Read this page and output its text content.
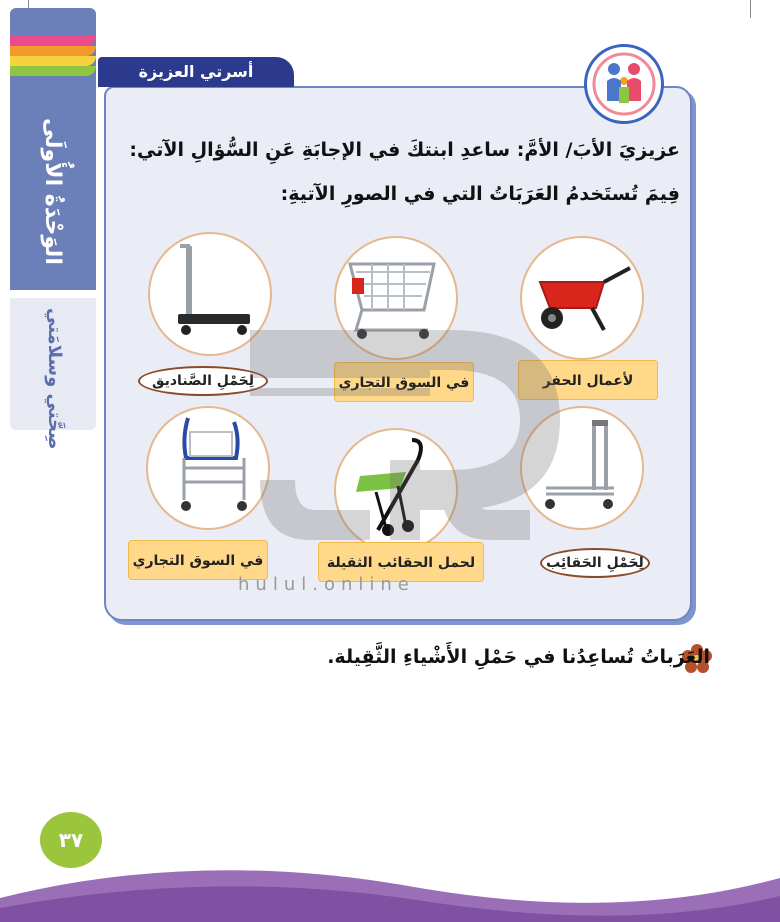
الوَحْدَةُ الأُولَى
صِحَّتي وسلامَتي
أسرتي العزيزة
عزيزيَ الأبَ/ الأمَّ: ساعدِ ابنتكَ في الإجابَةِ عَنِ السُّؤالِ الآتي:
فِيمَ تُستَخدمُ العَرَبَاتُ التي في الصورِ الآتيةِ:
لأعمال الحفر
في السوق التجاري
لِحَمْلِ الصَّناديق
لِحَمْلِ الحَقائِب
لحمل الحقائب الثقيلة
في السوق التجاري
hulul.online
العَرَباتُ تُساعِدُنا في حَمْلِ الأَشْياءِ الثَّقِيلة.
٣٧
